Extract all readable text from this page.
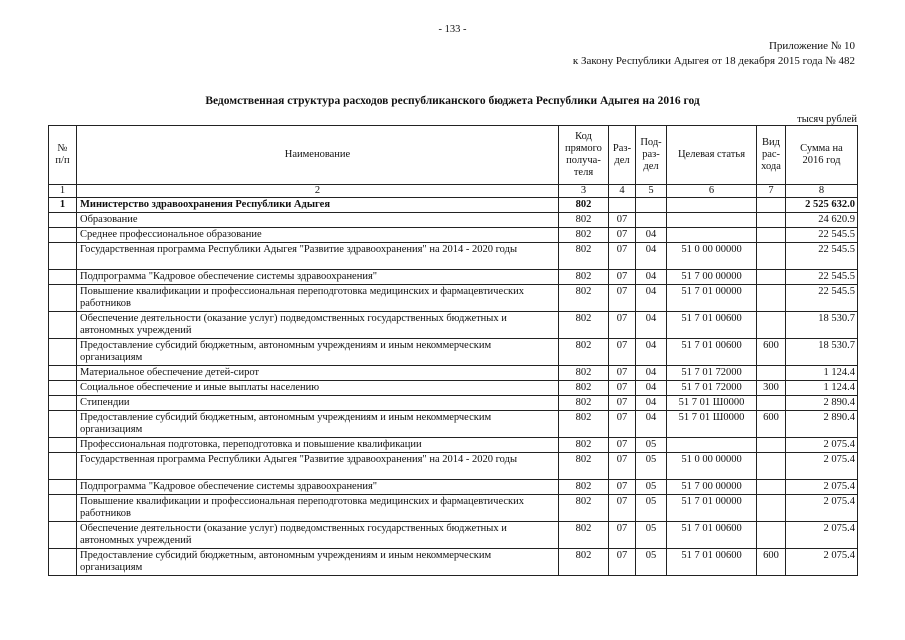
- 133 -
Приложение № 10
к Закону Республики Адыгея от 18 декабря 2015 года № 482
Ведомственная структура расходов республиканского бюджета Республики Адыгея на 2016 год
тысяч рублей
№ п/п	Наименование	Код прямого получа-теля	Раз-дел	Под-раз-дел	Целевая статья	Вид рас-хода	Сумма на 2016 год
1	2	3	4	5	6	7	8
1	Министерство здравоохранения Республики Адыгея	802					2 525 632.0
	Образование	802	07				24 620.9
	Среднее профессиональное образование	802	07	04			22 545.5
	Государственная программа Республики Адыгея "Развитие здравоохранения" на 2014 - 2020 годы	802	07	04	51 0 00 00000		22 545.5
	Подпрограмма "Кадровое обеспечение системы здравоохранения"	802	07	04	51 7 00 00000		22 545.5
	Повышение квалификации и профессиональная переподготовка медицинских и фармацевтических работников	802	07	04	51 7 01 00000		22 545.5
	Обеспечение деятельности (оказание услуг) подведомственных государственных бюджетных и автономных учреждений	802	07	04	51 7 01 00600		18 530.7
	Предоставление субсидий бюджетным, автономным учреждениям и иным некоммерческим организациям	802	07	04	51 7 01 00600	600	18 530.7
	Материальное обеспечение детей-сирот	802	07	04	51 7 01 72000		1 124.4
	Социальное обеспечение и иные выплаты населению	802	07	04	51 7 01 72000	300	1 124.4
	Стипендии	802	07	04	51 7 01 Ш0000		2 890.4
	Предоставление субсидий бюджетным, автономным учреждениям и иным некоммерческим организациям	802	07	04	51 7 01 Ш0000	600	2 890.4
	Профессиональная подготовка, переподготовка и повышение квалификации	802	07	05			2 075.4
	Государственная программа Республики Адыгея "Развитие здравоохранения" на 2014 - 2020 годы	802	07	05	51 0 00 00000		2 075.4
	Подпрограмма "Кадровое обеспечение системы здравоохранения"	802	07	05	51 7 00 00000		2 075.4
	Повышение квалификации и профессиональная переподготовка медицинских и фармацевтических работников	802	07	05	51 7 01 00000		2 075.4
	Обеспечение деятельности (оказание услуг) подведомственных государственных бюджетных и автономных учреждений	802	07	05	51 7 01 00600		2 075.4
	Предоставление субсидий бюджетным, автономным учреждениям и иным некоммерческим организациям	802	07	05	51 7 01 00600	600	2 075.4
